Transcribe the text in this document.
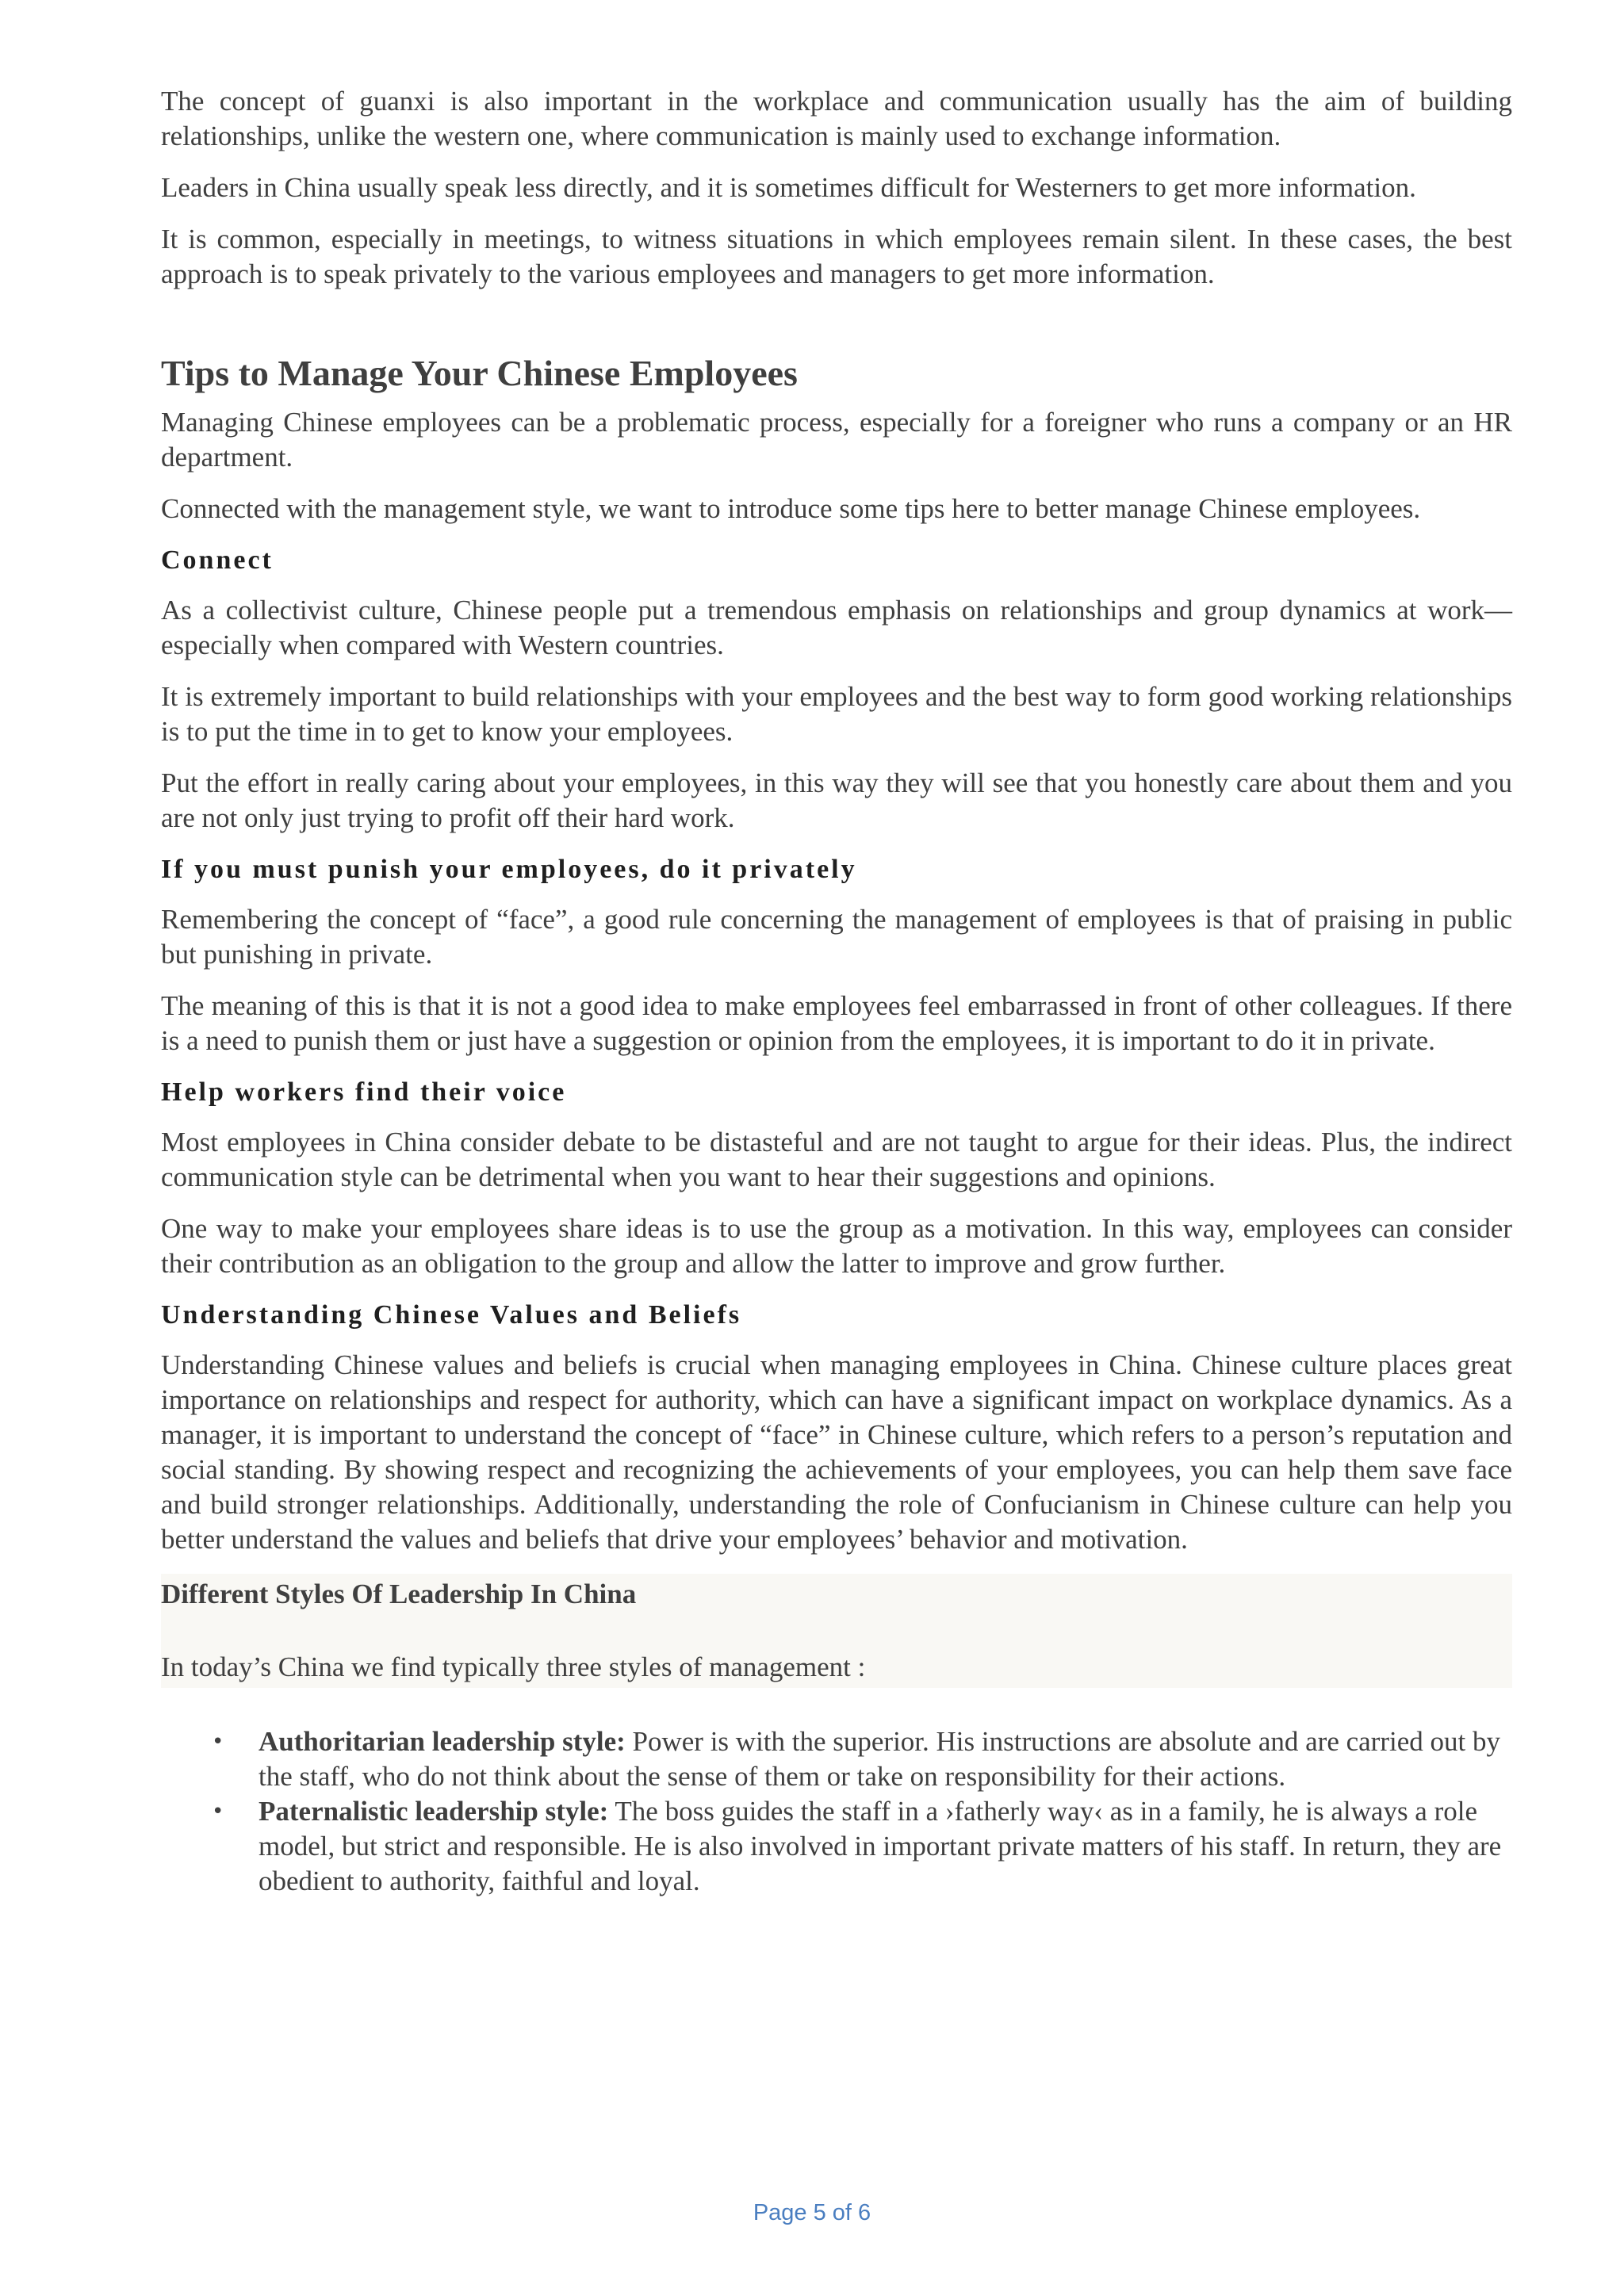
The concept of guanxi is also important in the workplace and communication usually has the aim of building relationships, unlike the western one, where communication is mainly used to exchange information.

Leaders in China usually speak less directly, and it is sometimes difficult for Westerners to get more information.

It is common, especially in meetings, to witness situations in which employees remain silent. In these cases, the best approach is to speak privately to the various employees and managers to get more information.

Tips to Manage Your Chinese Employees

Managing Chinese employees can be a problematic process, especially for a foreigner who runs a company or an HR department.

Connected with the management style, we want to introduce some tips here to better manage Chinese employees.

Connect

As a collectivist culture, Chinese people put a tremendous emphasis on relationships and group dynamics at work—especially when compared with Western countries.

It is extremely important to build relationships with your employees and the best way to form good working relationships is to put the time in to get to know your employees.

Put the effort in really caring about your employees, in this way they will see that you honestly care about them and you are not only just trying to profit off their hard work.

If you must punish your employees, do it privately

Remembering the concept of “face”, a good rule concerning the management of employees is that of praising in public but punishing in private.

The meaning of this is that it is not a good idea to make employees feel embarrassed in front of other colleagues. If there is a need to punish them or just have a suggestion or opinion from the employees, it is important to do it in private.

Help workers find their voice

Most employees in China consider debate to be distasteful and are not taught to argue for their ideas. Plus, the indirect communication style can be detrimental when you want to hear their suggestions and opinions.

One way to make your employees share ideas is to use the group as a motivation. In this way, employees can consider their contribution as an obligation to the group and allow the latter to improve and grow further.

Understanding Chinese Values and Beliefs

Understanding Chinese values and beliefs is crucial when managing employees in China. Chinese culture places great importance on relationships and respect for authority, which can have a significant impact on workplace dynamics. As a manager, it is important to understand the concept of “face” in Chinese culture, which refers to a person’s reputation and social standing. By showing respect and recognizing the achievements of your employees, you can help them save face and build stronger relationships. Additionally, understanding the role of Confucianism in Chinese culture can help you better understand the values and beliefs that drive your employees’ behavior and motivation.

Different Styles Of Leadership In China

In today’s China we find typically three styles of management :

• Authoritarian leadership style: Power is with the superior. His instructions are absolute and are carried out by the staff, who do not think about the sense of them or take on responsibility for their actions.
• Paternalistic leadership style: The boss guides the staff in a ›fatherly way‹ as in a family, he is always a role model, but strict and responsible. He is also involved in important private matters of his staff. In return, they are obedient to authority, faithful and loyal.
Page 5 of 6
